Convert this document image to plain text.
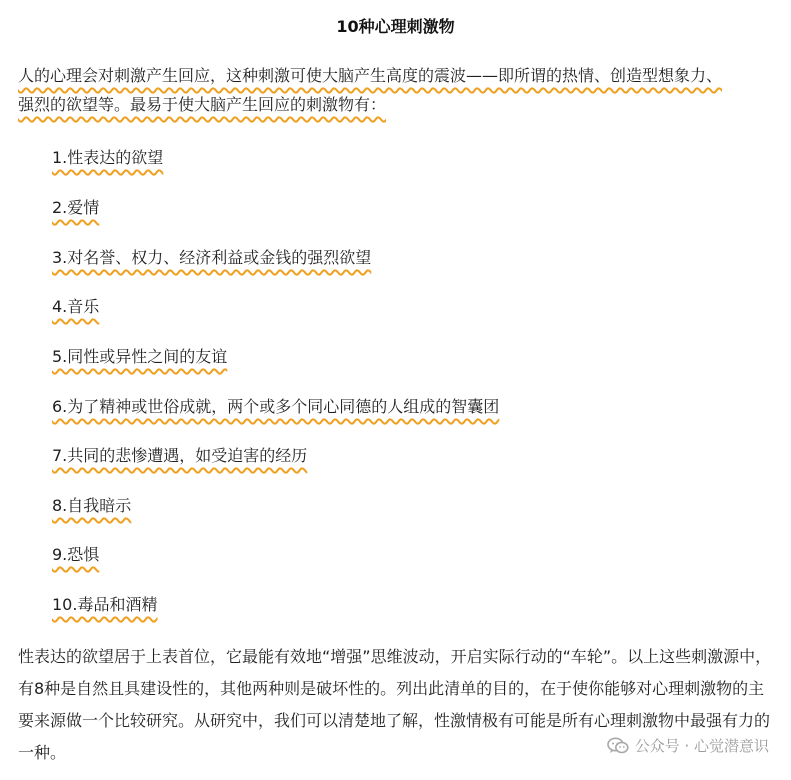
10种心理刺激物
人的心理会对刺激产生回应，这种刺激可使大脑产生高度的震波——即所谓的热情、创造型想象力、
强烈的欲望等。最易于使大脑产生回应的刺激物有：
1.性表达的欲望
2.爱情
3.对名誉、权力、经济利益或金钱的强烈欲望
4.音乐
5.同性或异性之间的友谊
6.为了精神或世俗成就，两个或多个同心同德的人组成的智囊团
7.共同的悲惨遭遇，如受迫害的经历
8.自我暗示
9.恐惧
10.毒品和酒精
性表达的欲望居于上表首位，它最能有效地“增强”思维波动，开启实际行动的“车轮”。以上这些刺激源中，有8种是自然且具建设性的，其他两种则是破坏性的。列出此清单的目的，在于使你能够对心理刺激物的主要来源做一个比较研究。从研究中，我们可以清楚地了解，性激情极有可能是所有心理刺激物中最强有力的一种。	公众号 · 心觉潜意识
